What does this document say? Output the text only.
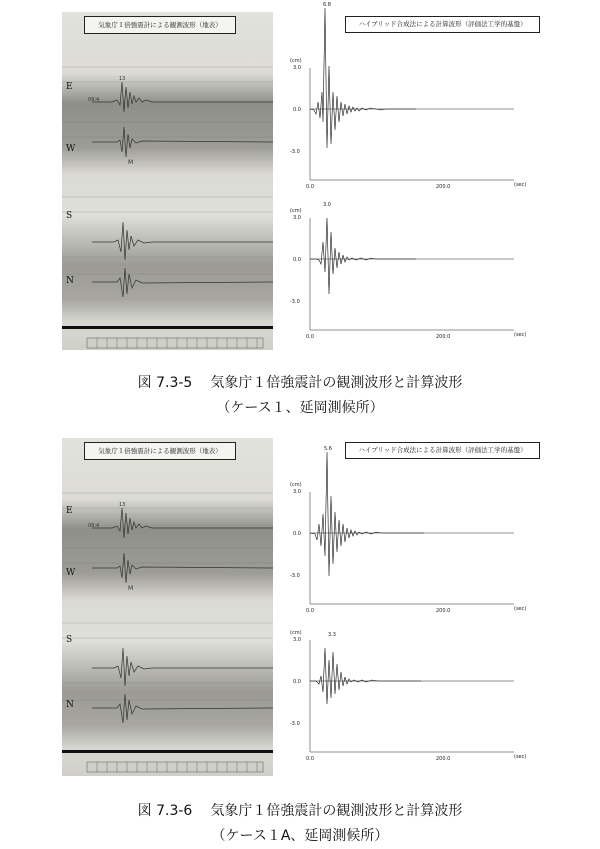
09:4
13
M
気象庁１倍強震計による観測波形（地表）
E
W
S
N
ハイブリッド合成法による計算波形（評価法工学的基盤）
(cm)
3.0
0.0
-3.0
6.8
0.0	200.0	(sec)
(cm)
3.0
0.0
-3.0
3.0
0.0	200.0	(sec)
図 7.3-5 気象庁１倍強震計の観測波形と計算波形
（ケース１、延岡測候所）
09:4
13
M
気象庁１倍強震計による観測波形（地表）
E
W
S
N
ハイブリッド合成法による計算波形（評価法工学的基盤）
(cm)
3.0
0.0
-3.0
5.6
0.0	200.0	(sec)
(cm)
3.0
0.0
-3.0
3.3
0.0	200.0	(sec)
図 7.3-6 気象庁１倍強震計の観測波形と計算波形
（ケース１A、延岡測候所）
